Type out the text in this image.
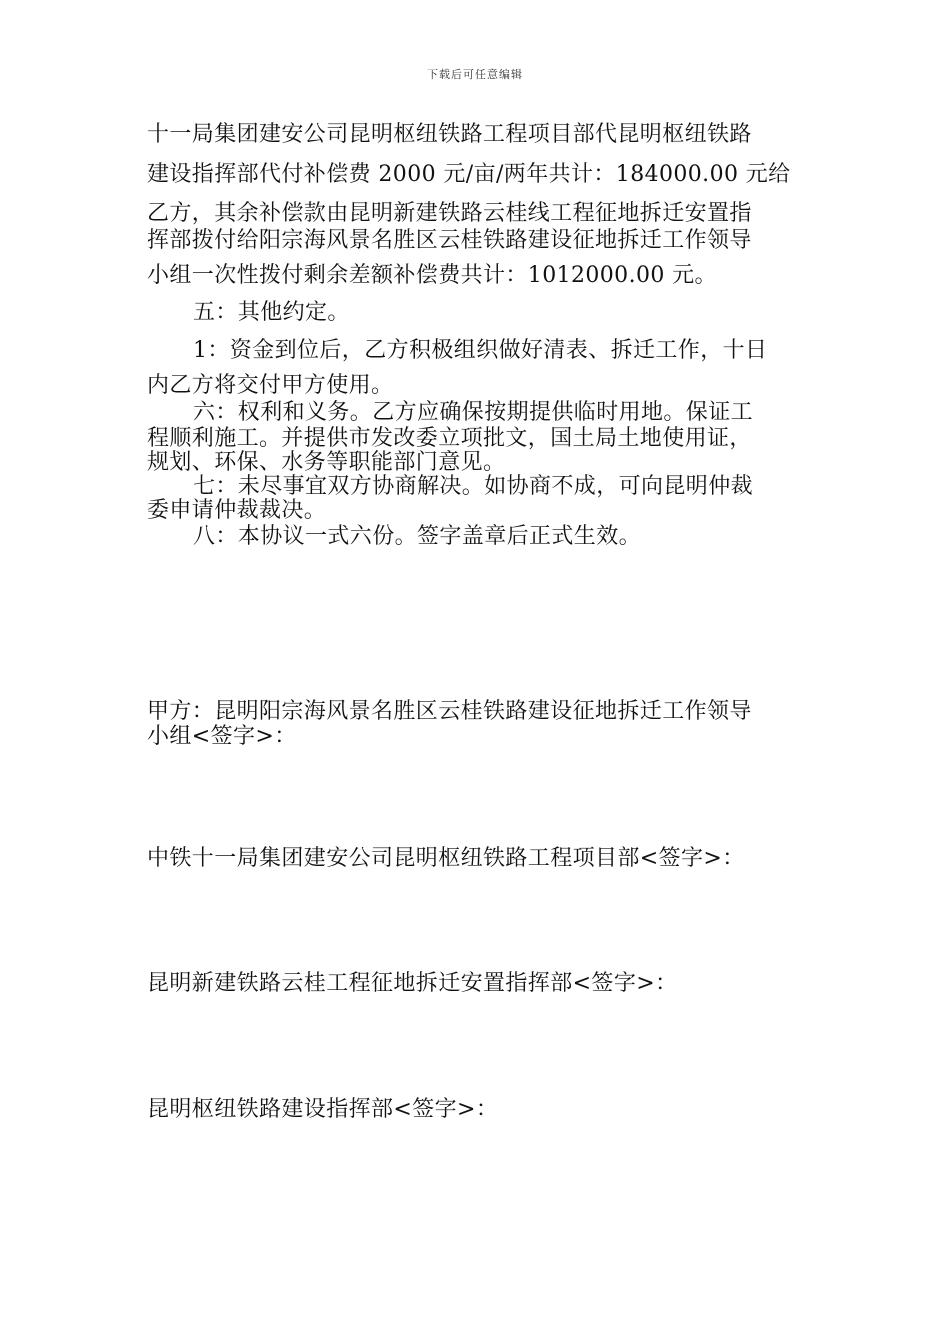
下载后可任意编辑
十一局集团建安公司昆明枢纽铁路工程项目部代昆明枢纽铁路
建设指挥部代付补偿费 2000 元/亩/两年共计：184000.00 元给
乙方，其余补偿款由昆明新建铁路云桂线工程征地拆迁安置指
挥部拨付给阳宗海风景名胜区云桂铁路建设征地拆迁工作领导
小组一次性拨付剩余差额补偿费共计：1012000.00 元。
五：其他约定。
1：资金到位后，乙方积极组织做好清表、拆迁工作，十日
内乙方将交付甲方使用。
六：权利和义务。乙方应确保按期提供临时用地。保证工
程顺利施工。并提供市发改委立项批文，国土局土地使用证，
规划、环保、水务等职能部门意见。
七：未尽事宜双方协商解决。如协商不成，可向昆明仲裁
委申请仲裁裁决。
八：本协议一式六份。签字盖章后正式生效。
甲方：昆明阳宗海风景名胜区云桂铁路建设征地拆迁工作领导
小组<签字>：
中铁十一局集团建安公司昆明枢纽铁路工程项目部<签字>：
昆明新建铁路云桂工程征地拆迁安置指挥部<签字>：
昆明枢纽铁路建设指挥部<签字>：
